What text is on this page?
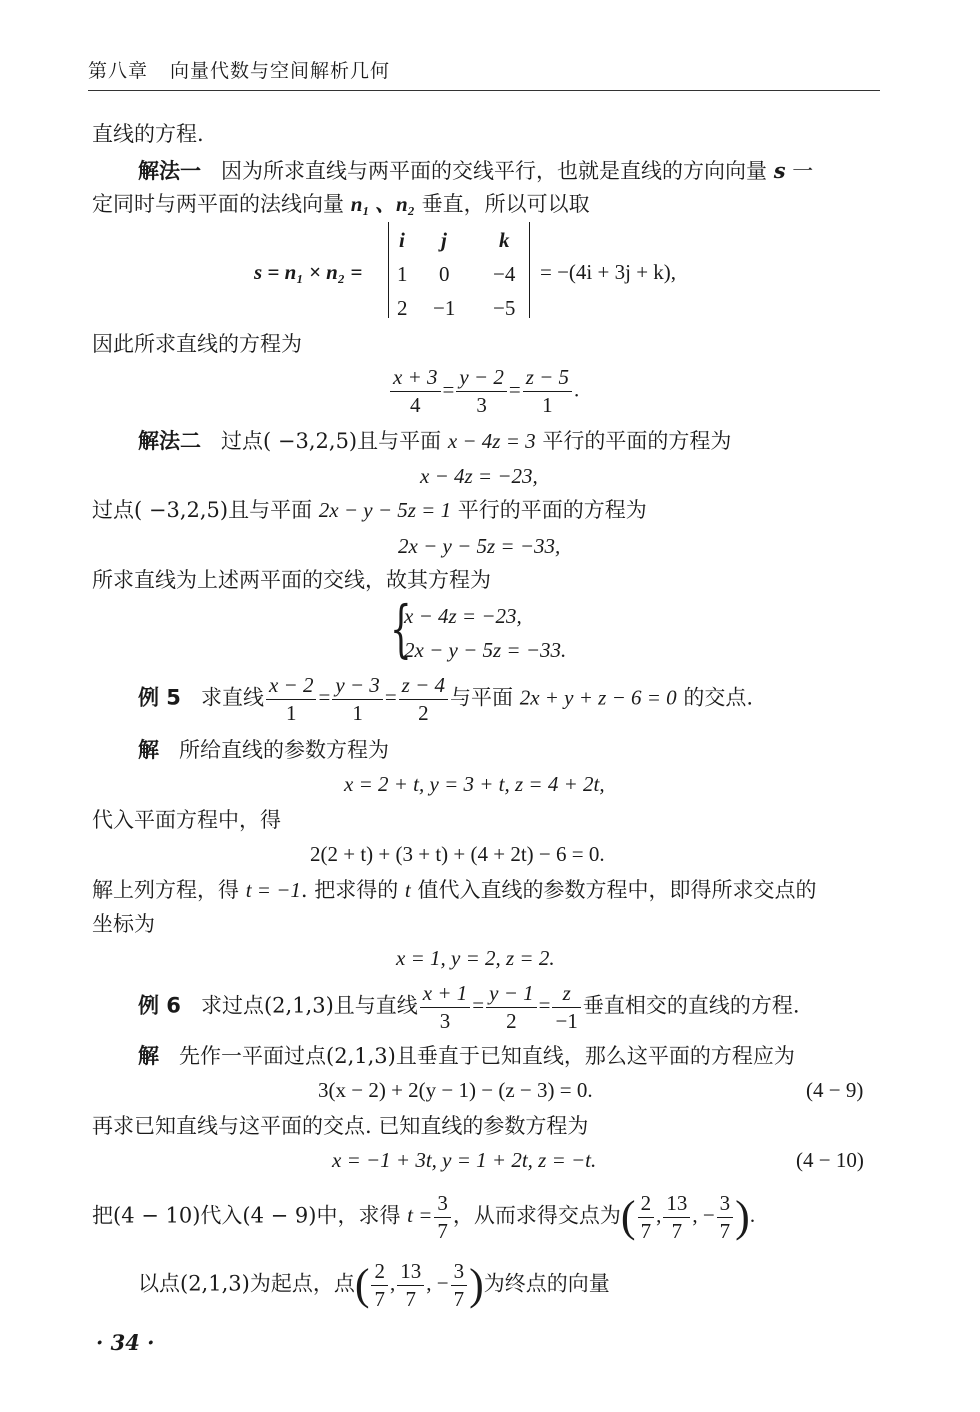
第八章 向量代数与空间解析几何
直线的方程.
解法一 因为所求直线与两平面的交线平行，也就是直线的方向向量 s 一
定同时与两平面的法线向量 n₁ 、n₂ 垂直，所以可以取
s = n₁ × n₂ =
i j k
1 0 −4
2 −1 −5
= −(4i + 3j + k),
因此所求直线的方程为
$\frac{x + 3}{4} = \frac{y - 2}{3} = \frac{z - 5}{1}$ .
解法二 过点( −3,2,5)且与平面 x − 4z = 3 平行的平面的方程为
x − 4z = −23,
过点( −3,2,5)且与平面 2x − y − 5z = 1 平行的平面的方程为
2x − y − 5z = −33,
所求直线为上述两平面的交线，故其方程为
{
x − 4z = −23,
2x − y − 5z = −33.
例 5 求直线 $\frac{x - 2}{1} = \frac{y - 3}{1} = \frac{z - 4}{2}$ 与平面 2x + y + z − 6 = 0 的交点.
解 所给直线的参数方程为
x = 2 + t, y = 3 + t, z = 4 + 2t,
代入平面方程中，得
2(2 + t) + (3 + t) + (4 + 2t) − 6 = 0.
解上列方程，得 t = −1. 把求得的 t 值代入直线的参数方程中，即得所求交点的
坐标为
x = 1, y = 2, z = 2.
例 6 求过点(2,1,3)且与直线 $\frac{x + 1}{3} = \frac{y - 1}{2} = \frac{z}{-1}$ 垂直相交的直线的方程.
解 先作一平面过点(2,1,3)且垂直于已知直线，那么这平面的方程应为
3(x − 2) + 2(y − 1) − (z − 3) = 0.	(4 − 9)
再求已知直线与这平面的交点. 已知直线的参数方程为
x = −1 + 3t, y = 1 + 2t, z = −t.	(4 − 10)
把(4 − 10)代入(4 − 9)中，求得 $t = \frac{3}{7}$ ，从而求得交点为( $\frac{2}{7}$ , $\frac{13}{7}$ , − $\frac{3}{7}$ ).
以点(2,1,3)为起点，点( $\frac{2}{7}$ , $\frac{13}{7}$ , − $\frac{3}{7}$ )为终点的向量
· 34 ·
